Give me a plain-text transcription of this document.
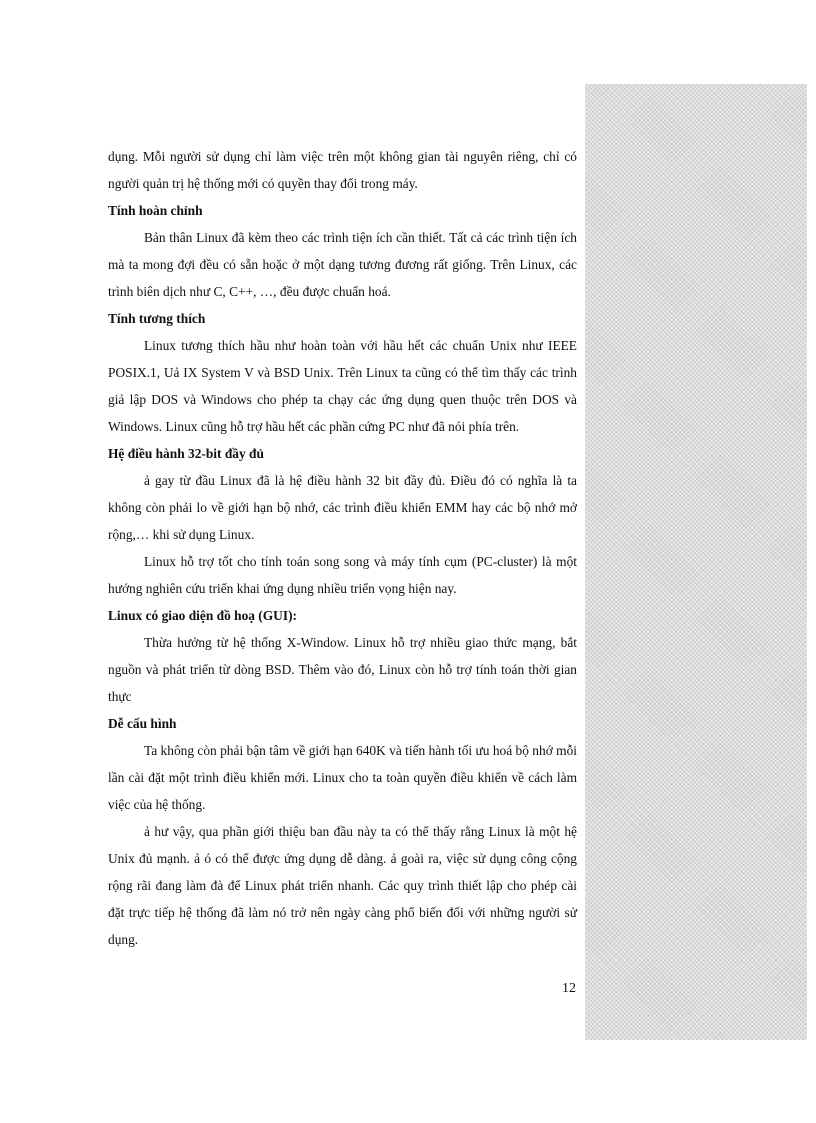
dụng. Mỗi người sử dụng chỉ làm việc trên một không gian tài nguyên riêng, chỉ có người quản trị hệ thống mới có quyền thay đổi trong máy.

Tính hoàn chỉnh

Bản thân Linux đã kèm theo các trình tiện ích cần thiết. Tất cả các trình tiện ích mà ta mong đợi đều có sẵn hoặc ở một dạng tương đương rất giống. Trên Linux, các trình biên dịch như C, C++, …, đều được chuẩn hoá.

Tính tương thích

Linux tương thích hầu như hoàn toàn với hầu hết các chuẩn Unix như IEEE POSIX.1, Uả IX System V và BSD Unix. Trên Linux ta cũng có thể tìm thấy các trình giả lập DOS và Windows cho phép ta chạy các ứng dụng quen thuộc trên DOS và Windows. Linux cũng hỗ trợ hầu hết các phần cứng PC như đã nói phía trên.

Hệ điều hành 32-bit đầy đủ

ả gay từ đầu Linux đã là hệ điều hành 32 bit đầy đủ. Điều đó có nghĩa là ta không còn phải lo về giới hạn bộ nhớ, các trình điều khiển EMM hay các bộ nhớ mở rộng,… khi sử dụng Linux.

Linux hỗ trợ tốt cho tính toán song song và máy tính cụm (PC-cluster) là một hướng nghiên cứu triển khai ứng dụng nhiều triển vọng hiện nay.

Linux có giao diện đồ hoạ (GUI):

Thừa hưởng từ hệ thống X-Window. Linux hỗ trợ nhiều giao thức mạng, bắt nguồn và phát triển từ dòng BSD. Thêm vào đó, Linux còn hỗ trợ tính toán thời gian thực

Dễ cấu hình

Ta không còn phải bận tâm về giới hạn 640K và tiến hành tối ưu hoá bộ nhớ mỗi lần cài đặt một trình điều khiển mới. Linux cho ta toàn quyền điều khiển về cách làm việc của hệ thống.

ả hư vậy, qua phần giới thiệu ban đầu này ta có thể thấy rằng Linux là một hệ Unix đủ mạnh. ả ó có thể được ứng dụng dễ dàng. ả goài ra, việc sử dụng công cộng rộng rãi đang làm đà để Linux phát triển nhanh. Các quy trình thiết lập cho phép cài đặt trực tiếp hệ thống đã làm nó trở nên ngày càng phổ biến đối với những người sử dụng.

12
